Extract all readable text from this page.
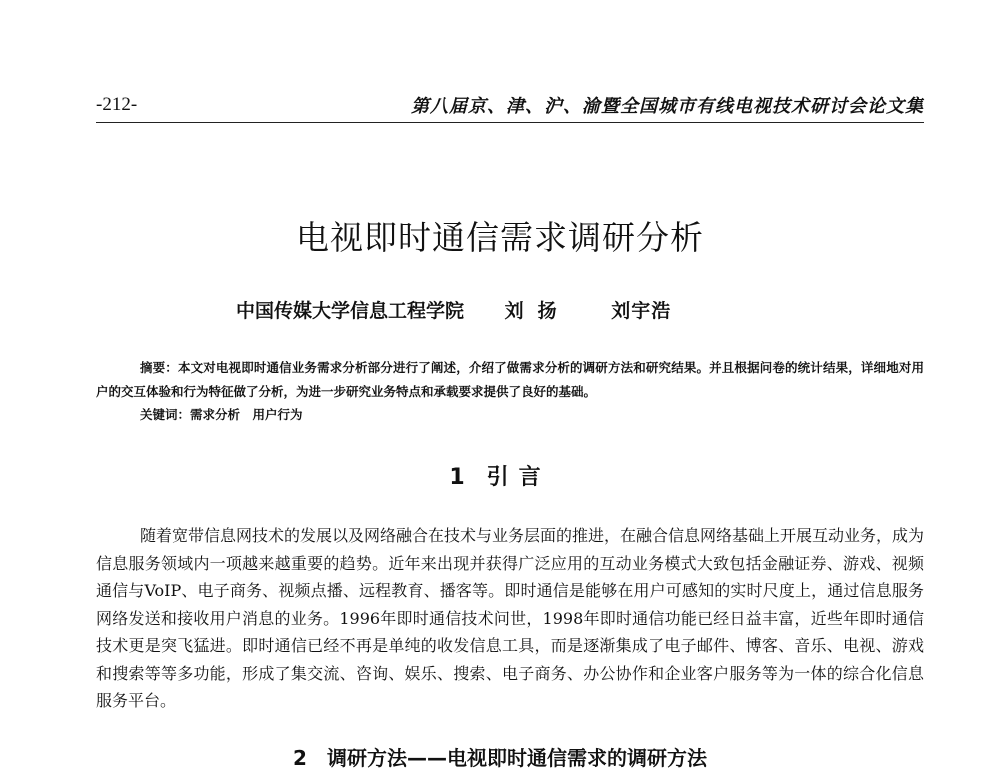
-212-	第八届京、津、沪、渝暨全国城市有线电视技术研讨会论文集
电视即时通信需求调研分析
中国传媒大学信息工程学院 刘扬 刘宇浩
摘要：本文对电视即时通信业务需求分析部分进行了阐述，介绍了做需求分析的调研方法和研究结果。并且根据问卷的统计结果，详细地对用户的交互体验和行为特征做了分析，为进一步研究业务特点和承载要求提供了良好的基础。
关键词：需求分析　用户行为
1 引言
随着宽带信息网技术的发展以及网络融合在技术与业务层面的推进，在融合信息网络基础上开展互动业务，成为信息服务领域内一项越来越重要的趋势。近年来出现并获得广泛应用的互动业务模式大致包括金融证券、游戏、视频通信与VoIP、电子商务、视频点播、远程教育、播客等。即时通信是能够在用户可感知的实时尺度上，通过信息服务网络发送和接收用户消息的业务。1996年即时通信技术问世，1998年即时通信功能已经日益丰富，近些年即时通信技术更是突飞猛进。即时通信已经不再是单纯的收发信息工具，而是逐渐集成了电子邮件、博客、音乐、电视、游戏和搜索等等多功能，形成了集交流、咨询、娱乐、搜索、电子商务、办公协作和企业客户服务等为一体的综合化信息服务平台。
2　调研方法——电视即时通信需求的调研方法
